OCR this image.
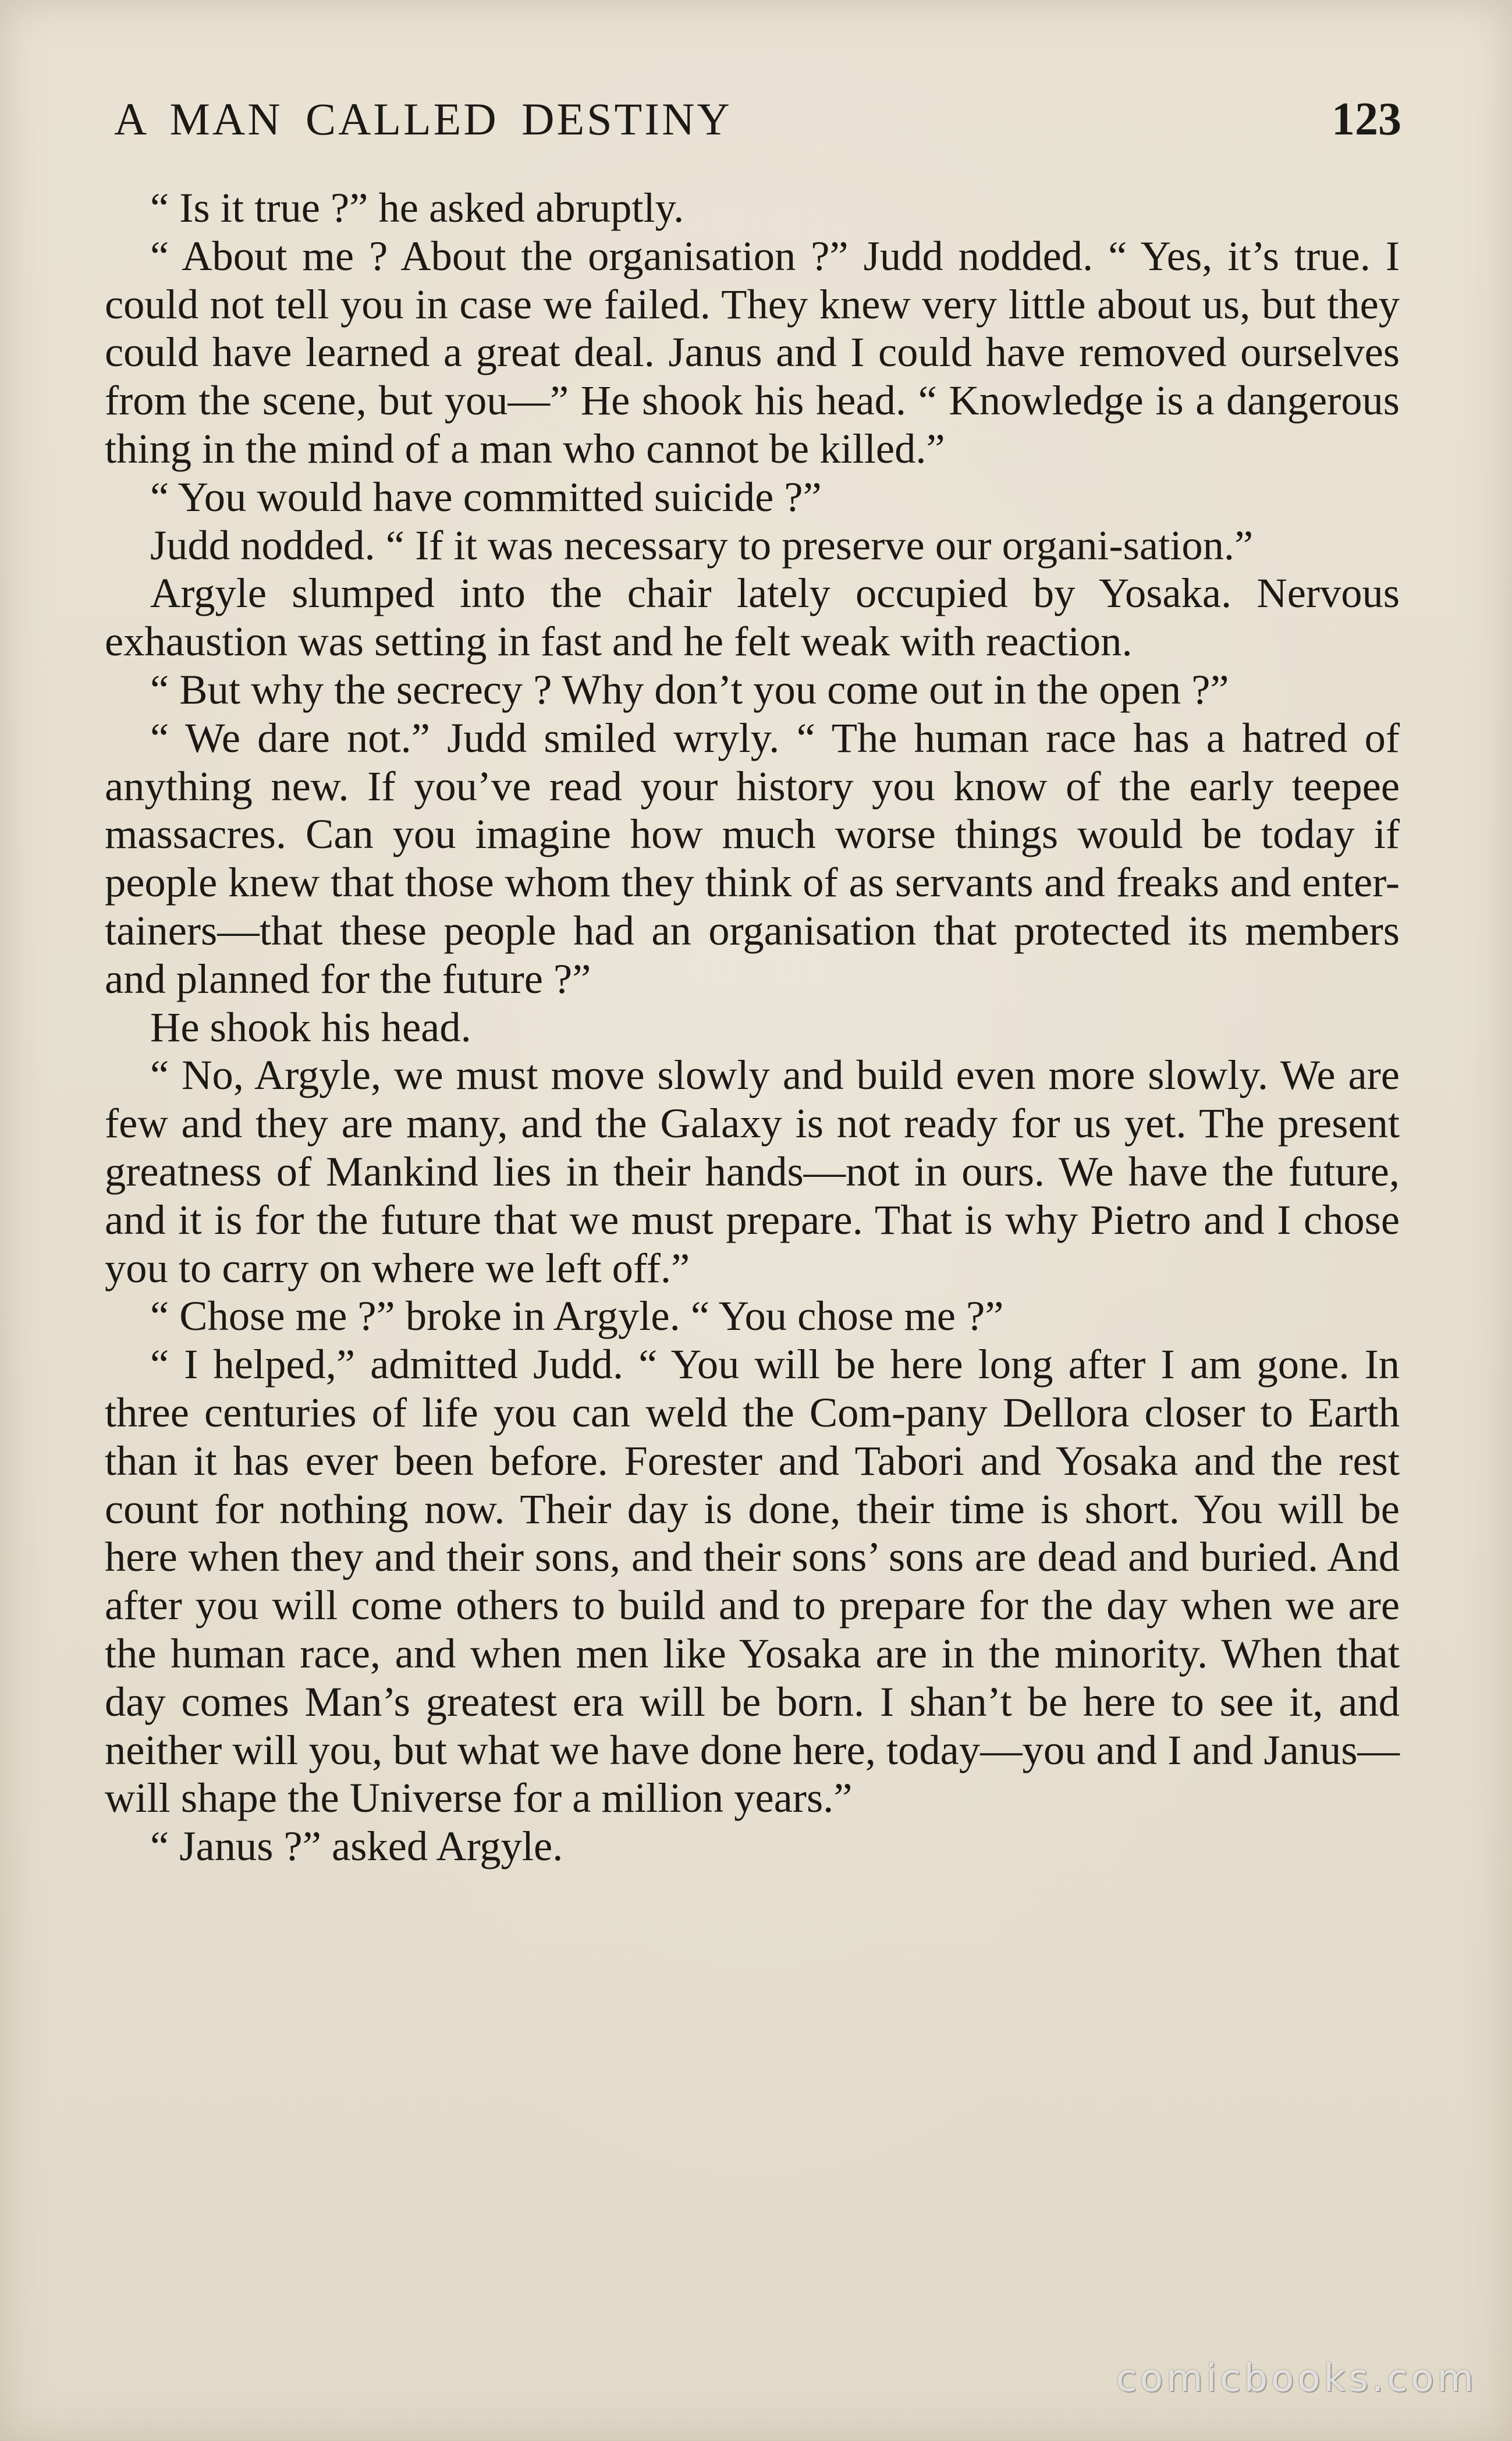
A MAN CALLED DESTINY	123

“ Is it true ?” he asked abruptly.

“ About me ? About the organisation ?” Judd nodded. “ Yes, it’s true. I could not tell you in case we failed. They knew very little about us, but they could have learned a great deal. Janus and I could have removed ourselves from the scene, but you—” He shook his head. “ Knowledge is a dangerous thing in the mind of a man who cannot be killed.”

“ You would have committed suicide ?”

Judd nodded. “ If it was necessary to preserve our organi-sation.”

Argyle slumped into the chair lately occupied by Yosaka. Nervous exhaustion was setting in fast and he felt weak with reaction.

“ But why the secrecy ? Why don’t you come out in the open ?”

“ We dare not.” Judd smiled wryly. “ The human race has a hatred of anything new. If you’ve read your history you know of the early teepee massacres. Can you imagine how much worse things would be today if people knew that those whom they think of as servants and freaks and enter-tainers—that these people had an organisation that protected its members and planned for the future ?”

He shook his head.

“ No, Argyle, we must move slowly and build even more slowly. We are few and they are many, and the Galaxy is not ready for us yet. The present greatness of Mankind lies in their hands—not in ours. We have the future, and it is for the future that we must prepare. That is why Pietro and I chose you to carry on where we left off.”

“ Chose me ?” broke in Argyle. “ You chose me ?”

“ I helped,” admitted Judd. “ You will be here long after I am gone. In three centuries of life you can weld the Com-pany Dellora closer to Earth than it has ever been before. Forester and Tabori and Yosaka and the rest count for nothing now. Their day is done, their time is short. You will be here when they and their sons, and their sons’ sons are dead and buried. And after you will come others to build and to prepare for the day when we are the human race, and when men like Yosaka are in the minority. When that day comes Man’s greatest era will be born. I shan’t be here to see it, and neither will you, but what we have done here, today—you and I and Janus—will shape the Universe for a million years.”

“ Janus ?” asked Argyle.

comicbooks.com
